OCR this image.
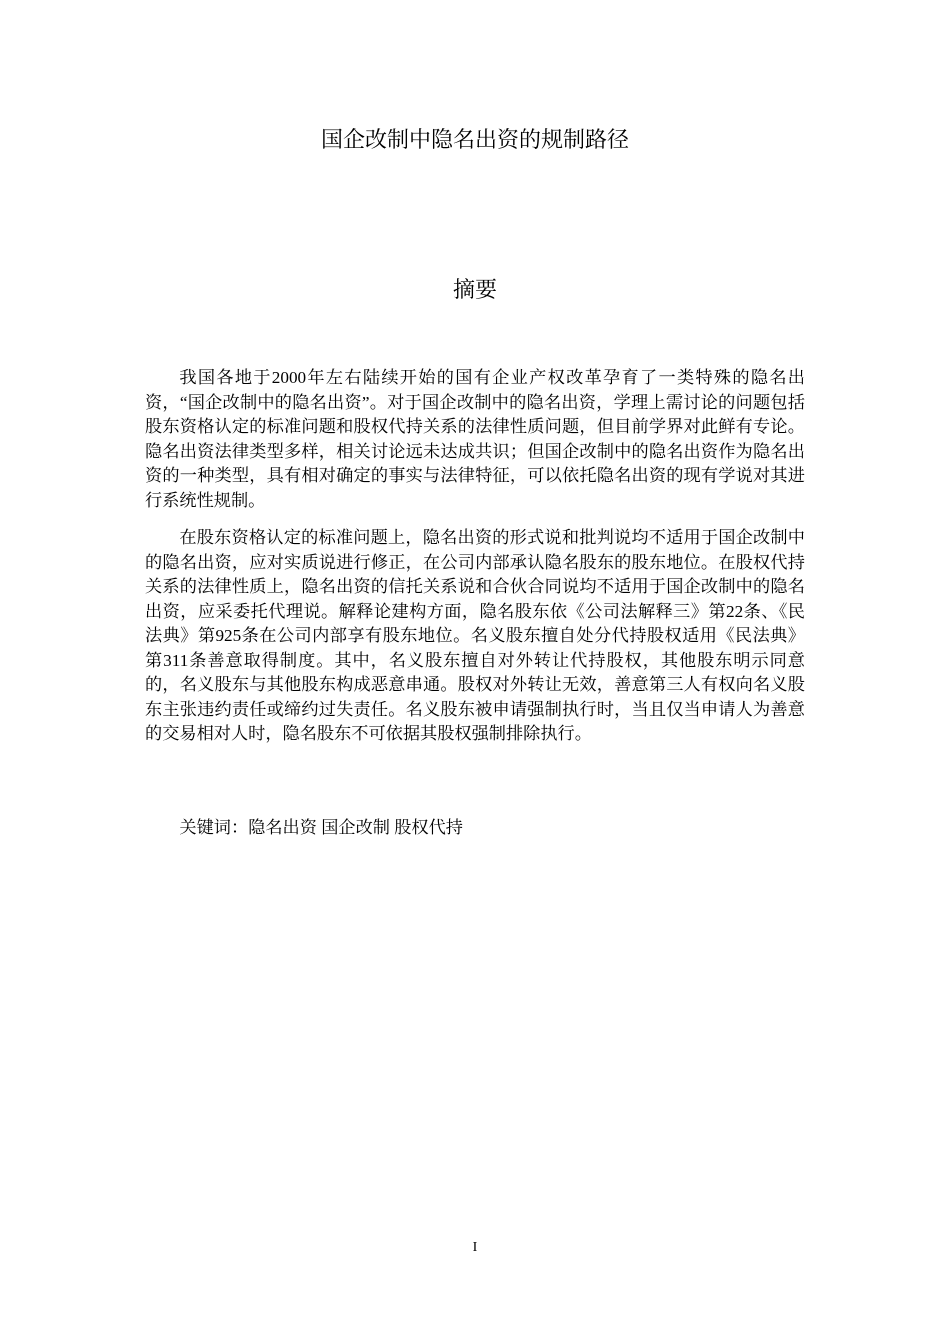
国企改制中隐名出资的规制路径
摘要

我国各地于2000年左右陆续开始的国有企业产权改革孕育了一类特殊的隐名出资，“国企改制中的隐名出资”。对于国企改制中的隐名出资，学理上需讨论的问题包括股东资格认定的标准问题和股权代持关系的法律性质问题，但目前学界对此鲜有专论。隐名出资法律类型多样，相关讨论远未达成共识；但国企改制中的隐名出资作为隐名出资的一种类型，具有相对确定的事实与法律特征，可以依托隐名出资的现有学说对其进行系统性规制。

在股东资格认定的标准问题上，隐名出资的形式说和批判说均不适用于国企改制中的隐名出资，应对实质说进行修正，在公司内部承认隐名股东的股东地位。在股权代持关系的法律性质上，隐名出资的信托关系说和合伙合同说均不适用于国企改制中的隐名出资，应采委托代理说。解释论建构方面，隐名股东依《公司法解释三》第22条、《民法典》第925条在公司内部享有股东地位。名义股东擅自处分代持股权适用《民法典》第311条善意取得制度。其中，名义股东擅自对外转让代持股权，其他股东明示同意的，名义股东与其他股东构成恶意串通。股权对外转让无效，善意第三人有权向名义股东主张违约责任或缔约过失责任。名义股东被申请强制执行时，当且仅当申请人为善意的交易相对人时，隐名股东不可依据其股权强制排除执行。

关键词：隐名出资 国企改制 股权代持

I
